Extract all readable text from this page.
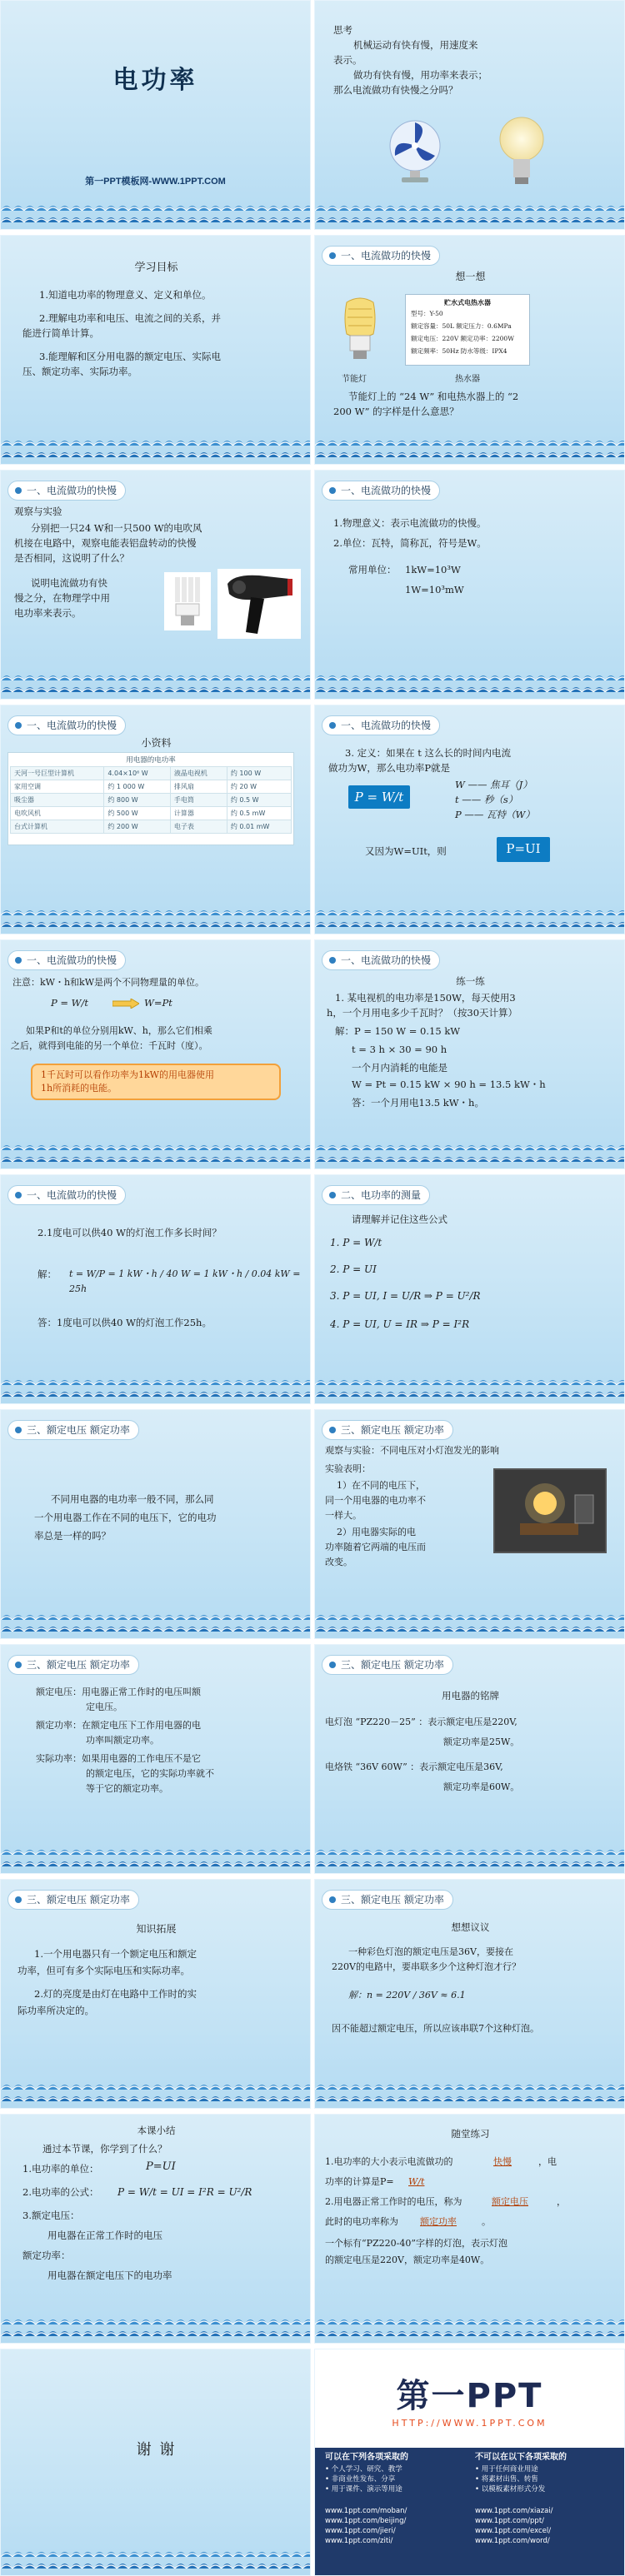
电功率
第一PPT模板网-WWW.1PPT.COM
思考
机械运动有快有慢，用速度来
表示。
做功有快有慢，用功率来表示；
那么电流做功有快慢之分吗？
学习目标
1.知道电功率的物理意义、定义和单位。
2.理解电功率和电压、电流之间的关系，并
能进行简单计算。
3.能理解和区分用电器的额定电压、实际电
压、额定功率、实际功率。
一、电流做功的快慢
想一想
贮水式电热水器
型号：Y-50
额定容量：50L 额定压力：0.6MPa
额定电压：220V 额定功率：2200W
额定频率：50Hz 防水等级：IPX4
节能灯	热水器
节能灯上的 “24 W” 和电热水器上的 “2
200 W” 的字样是什么意思？
一、电流做功的快慢
观察与实验
分别把一只24 W和一只500 W的电吹风
机接在电路中，观察电能表铝盘转动的快慢
是否相同，这说明了什么？
说明电流做功有快
慢之分，在物理学中用
电功率来表示。
一、电流做功的快慢
1.物理意义：表示电流做功的快慢。
2.单位：瓦特，简称瓦，符号是W。
常用单位： 1kW=10³W
1W=10³mW
一、电流做功的快慢
小资料
用电器的电功率
天河一号巨型计算机	4.04×10⁶ W	液晶电视机	约 100 W
家用空调	约 1 000 W	排风扇	约 20 W
吸尘器	约 800 W	手电筒	约 0.5 W
电吹风机	约 500 W	计算器	约 0.5 mW
台式计算机	约 200 W	电子表	约 0.01 mW
一、电流做功的快慢
3. 定义：如果在 t 这么长的时间内电流
做功为W，那么电功率P就是
P = W/t
W —— 焦耳（J）
t —— 秒（s）
P —— 瓦特（W）
又因为W=UIt，则	P=UI
一、电流做功的快慢
注意：kW・h和kW是两个不同物理量的单位。
P = W/t	W=Pt
如果P和t的单位分别用kW、h，那么它们相乘
之后，就得到电能的另一个单位：千瓦时（度）。
1千瓦时可以看作功率为1kW的用电器使用
1h所消耗的电能。
一、电流做功的快慢
练一练
1. 某电视机的电功率是150W，每天使用3
h，一个月用电多少千瓦时？（按30天计算）
解：P = 150 W = 0.15 kW
t = 3 h × 30 = 90 h
一个月内消耗的电能是
W = Pt = 0.15 kW × 90 h = 13.5 kW・h
答：一个月用电13.5 kW・h。
一、电流做功的快慢
2.1度电可以供40 W的灯泡工作多长时间？
解： t = W/P = 1 kW・h / 40 W = 1 kW・h / 0.04 kW = 25h
答：1度电可以供40 W的灯泡工作25h。
二、电功率的测量
请理解并记住这些公式
1. P = W/t
2. P = UI
3. P = UI, I = U/R ⇒ P = U²/R
4. P = UI, U = IR ⇒ P = I²R
三、额定电压 额定功率
不同用电器的电功率一般不同，那么同
一个用电器工作在不同的电压下，它的电功
率总是一样的吗？
三、额定电压 额定功率
观察与实验：不同电压对小灯泡发光的影响
实验表明：
1）在不同的电压下，
同一个用电器的电功率不
一样大。
2）用电器实际的电
功率随着它两端的电压而
改变。
三、额定电压 额定功率
额定电压：用电器正常工作时的电压叫额
定电压。
额定功率：在额定电压下工作用电器的电
功率叫额定功率。
实际功率：如果用电器的工作电压不是它
的额定电压，它的实际功率就不
等于它的额定功率。
三、额定电压 额定功率
用电器的铭牌
电灯泡 “PZ220－25” ：表示额定电压是220V,
额定功率是25W。
电烙铁 “36V 60W” ：表示额定电压是36V,
额定功率是60W。
三、额定电压 额定功率
知识拓展
1.一个用电器只有一个额定电压和额定
功率，但可有多个实际电压和实际功率。
2.灯的亮度是由灯在电路中工作时的实
际功率所决定的。
三、额定电压 额定功率
想想议议
一种彩色灯泡的额定电压是36V，要接在
220V的电路中，要串联多少个这种灯泡才行？
解：n = 220V / 36V ≈ 6.1
因不能超过额定电压，所以应该串联7个这种灯泡。
本课小结
通过本节课，你学到了什么？
1.电功率的单位：	P=UI
2.电功率的公式： P = W/t = UI = I²R = U²/R
3.额定电压：
用电器在正常工作时的电压
额定功率：
用电器在额定电压下的电功率
随堂练习
1.电功率的大小表示电流做功的	快慢	，电
功率的计算是P= W/t
2.用电器正常工作时的电压，称为	额定电压	，
此时的电功率称为 额定功率	。
一个标有“PZ220-40”字样的灯泡，表示灯泡
的额定电压是220V，额定功率是40W。
谢 谢
第一PPT
HTTP://WWW.1PPT.COM
可以在下列各项采取的
• 个人学习、研究、教学
• 非商业性发布、分享
• 用于课件、演示等用途
不可以在以下各项采取的
• 用于任何商业用途
• 将素材出售、转售
• 以模板素材形式分发
www.1ppt.com/moban/
www.1ppt.com/beijing/
www.1ppt.com/jieri/
www.1ppt.com/ziti/
www.1ppt.com/xiazai/
www.1ppt.com/ppt/
www.1ppt.com/excel/
www.1ppt.com/word/
